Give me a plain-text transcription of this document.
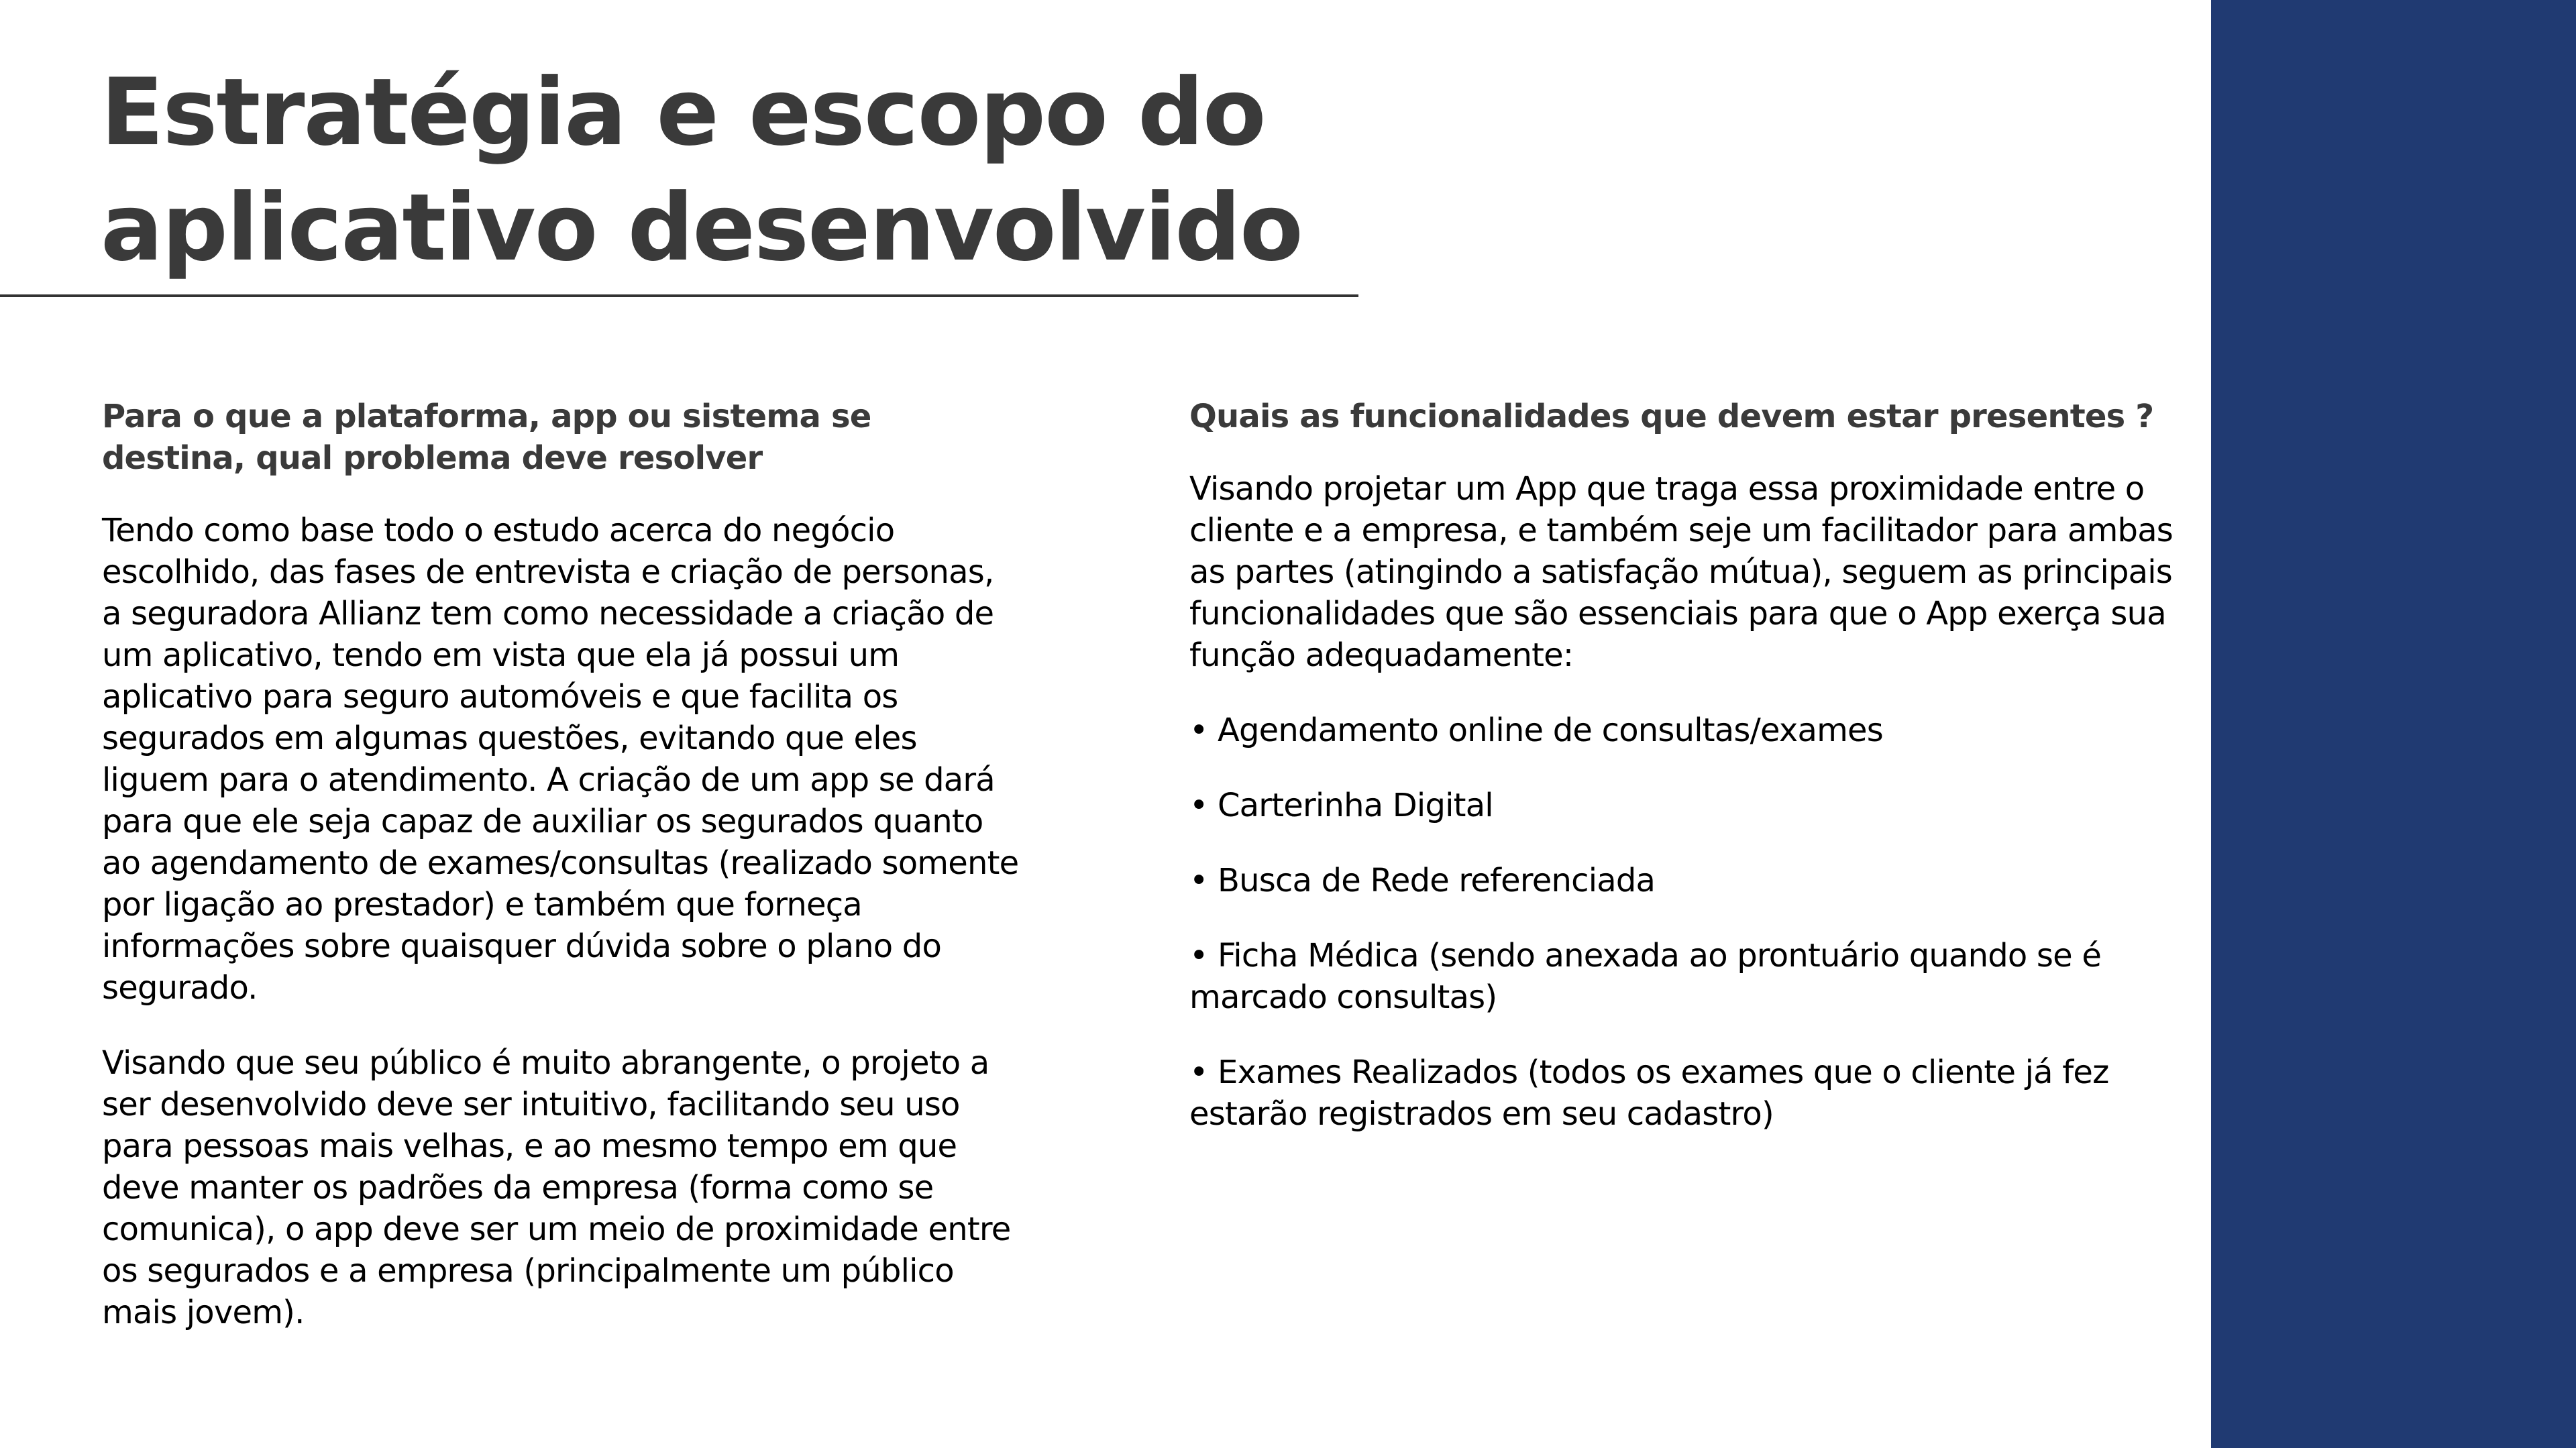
Estratégia e escopo do aplicativo desenvolvido

Para o que a plataforma, app ou sistema se destina, qual problema deve resolver

Tendo como base todo o estudo acerca do negócio escolhido, das fases de entrevista e criação de personas, a seguradora Allianz tem como necessidade a criação de um aplicativo, tendo em vista que ela já possui um aplicativo para seguro automóveis e que facilita os segurados em algumas questões, evitando que eles liguem para o atendimento. A criação de um app se dará para que ele seja capaz de auxiliar os segurados quanto ao agendamento de exames/consultas (realizado somente por ligação ao prestador) e também que forneça informações sobre quaisquer dúvida sobre o plano do segurado.

Visando que seu público é muito abrangente, o projeto a ser desenvolvido deve ser intuitivo, facilitando seu uso para pessoas mais velhas, e ao mesmo tempo em que deve manter os padrões da empresa (forma como se comunica), o app deve ser um meio de proximidade entre os segurados e a empresa (principalmente um público mais jovem).

Quais as funcionalidades que devem estar presentes ?

Visando projetar um App que traga essa proximidade entre o cliente e a empresa, e também seje um facilitador para ambas as partes (atingindo a satisfação mútua), seguem as principais funcionalidades que são essenciais para que o App exerça sua função adequadamente:

• Agendamento online de consultas/exames
• Carterinha Digital
• Busca de Rede referenciada
• Ficha Médica (sendo anexada ao prontuário quando se é marcado consultas)
• Exames Realizados (todos os exames que o cliente já fez estarão registrados em seu cadastro)
